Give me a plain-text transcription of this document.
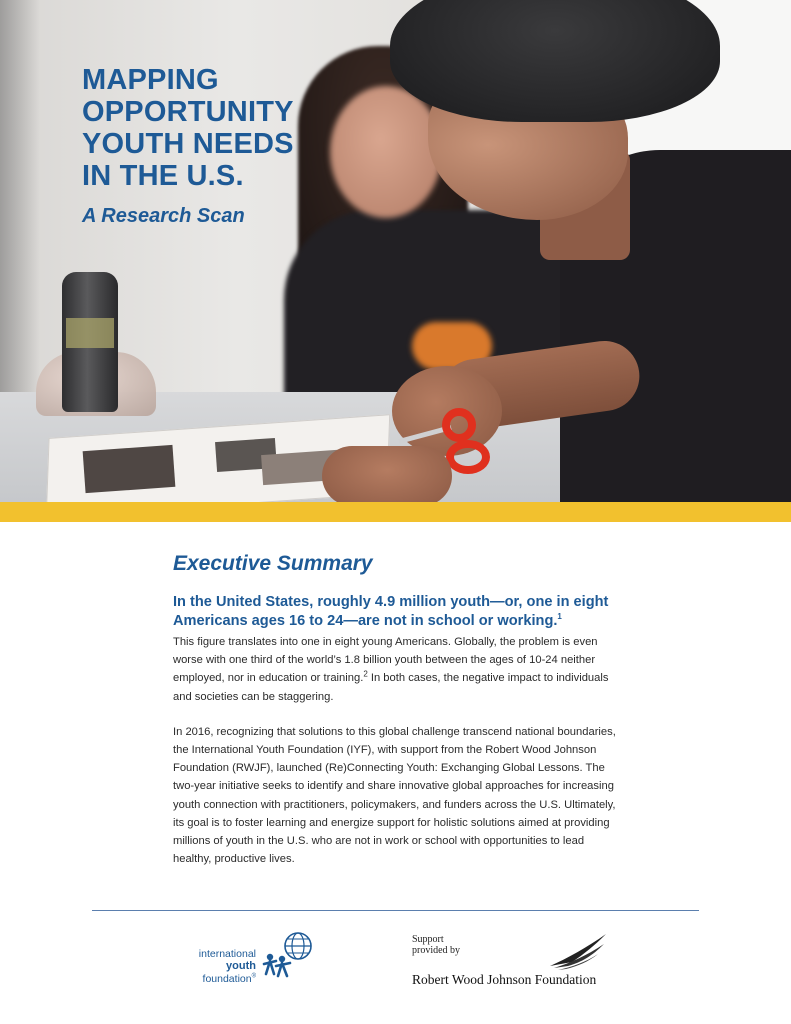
MAPPING
OPPORTUNITY
YOUTH NEEDS
IN THE U.S.
A Research Scan
Executive Summary

In the United States, roughly 4.9 million youth—or, one in eight Americans ages 16 to 24—are not in school or working.$^1$

This figure translates into one in eight young Americans. Globally, the problem is even worse with one third of the world’s 1.8 billion youth between the ages of 10-24 neither employed, nor in education or training.$^2$ In both cases, the negative impact to individuals and societies can be staggering.

In 2016, recognizing that solutions to this global challenge transcend national boundaries, the International Youth Foundation (IYF), with support from the Robert Wood Johnson Foundation (RWJF), launched (Re)Connecting Youth: Exchanging Global Lessons. The two-year initiative seeks to identify and share innovative global approaches for increasing youth connection with practitioners, policymakers, and funders across the U.S. Ultimately, its goal is to foster learning and energize support for holistic solutions aimed at providing millions of youth in the U.S. who are not in work or school with opportunities to lead healthy, productive lives.

international
youth
foundation®
Support
provided by
Robert Wood Johnson Foundation
